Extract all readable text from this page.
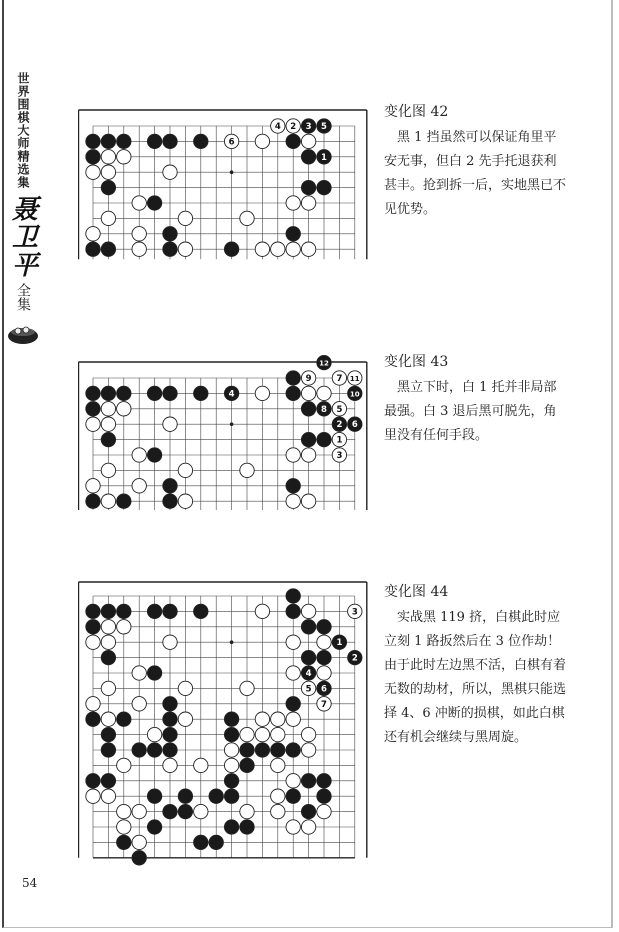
世界围棋大师精选集
聂卫平
全集
6
4 2 3 5
1
变化图 42
黑 1 挡虽然可以保证角里平安无事，但白 2 先手托退获利甚丰。抢到拆一后，实地黑已不见优势。
12
9	7 11
4	10
8 5
2 6
1
3
变化图 43
黑立下时，白 1 托并非局部最强。白 3 退后黑可脱先，角里没有任何手段。
3
1
2
4
5 6
7
变化图 44
实战黑 119 挤，白棋此时应立刻 1 路扳然后在 3 位作劫！由于此时左边黑不活，白棋有着无数的劫材，所以，黑棋只能选择 4、6 冲断的损棋，如此白棋还有机会继续与黑周旋。
54
